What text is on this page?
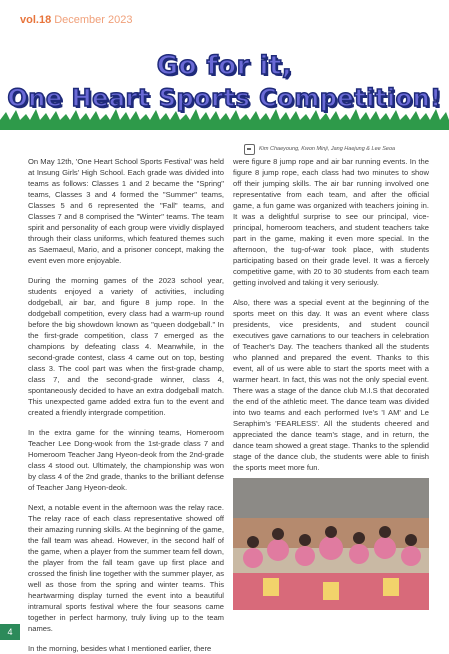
vol.18 December 2023
Go for it,
One Heart Sports Competition!
Kim Chaeyoung, Kwon Minji, Jang Haejung & Lee Seoa

On May 12th, 'One Heart School Sports Festival' was held at Insung Girls' High School. Each grade was divided into teams as follows: Classes 1 and 2 became the "Spring" teams, Classes 3 and 4 formed the "Summer" teams, Classes 5 and 6 represented the "Fall" teams, and Classes 7 and 8 comprised the "Winter" teams. The team spirit and personality of each group were vividly displayed through their class uniforms, which featured themes such as Saemaeul, Mario, and a prisoner concept, making the event even more enjoyable.

During the morning games of the 2023 school year, students enjoyed a variety of activities, including dodgeball, air bar, and figure 8 jump rope. In the dodgeball competition, every class had a warm-up round before the big showdown known as "queen dodgeball." In the first-grade competition, class 7 emerged as the champions by defeating class 4. Meanwhile, in the second-grade contest, class 4 came out on top, besting class 3. The cool part was when the first-grade champ, class 7, and the second-grade winner, class 4, spontaneously decided to have an extra dodgeball match. This unexpected game added extra fun to the event and created a friendly intergrade competition.

In the extra game for the winning teams, Homeroom Teacher Lee Dong-wook from the 1st-grade class 7 and Homeroom Teacher Jang Hyeon-deok from the 2nd-grade class 4 stood out. Ultimately, the championship was won by class 4 of the 2nd grade, thanks to the brilliant defense of Teacher Jang Hyeon-deok.

Next, a notable event in the afternoon was the relay race. The relay race of each class representative showed off their amazing running skills. At the beginning of the game, the fall team was ahead. However, in the second half of the game, when a player from the summer team fell down, the player from the fall team gave up first place and crossed the finish line together with the summer player, as well as those from the spring and winter teams. This heartwarming display turned the event into a beautiful intramural sports festival where the four seasons came together in perfect harmony, truly living up to the team names.

In the morning, besides what I mentioned earlier, there

were figure 8 jump rope and air bar running events. In the figure 8 jump rope, each class had two minutes to show off their jumping skills. The air bar running involved one representative from each team, and after the official game, a fun game was organized with teachers joining in. It was a delightful surprise to see our principal, vice-principal, homeroom teachers, and student teachers take part in the game, making it even more special. In the afternoon, the tug-of-war took place, with students participating based on their grade level. It was a fiercely competitive game, with 20 to 30 students from each team getting involved and taking it very seriously.

Also, there was a special event at the beginning of the sports meet on this day. It was an event where class presidents, vice presidents, and student council executives gave carnations to our teachers in celebration of Teacher's Day. The teachers thanked all the students who planned and prepared the event. Thanks to this event, all of us were able to start the sports meet with a warmer heart. In fact, this was not the only special event. There was a stage of the dance club M.I.S that decorated the end of the athletic meet. The dance team was divided into two teams and each performed Ive's 'I AM' and Le Seraphim's 'FEARLESS'. All the students cheered and appreciated the dance team's stage, and in return, the dance team showed a great stage. Thanks to the splendid stage of the dance club, the students were able to finish the sports meet more fun.

4
